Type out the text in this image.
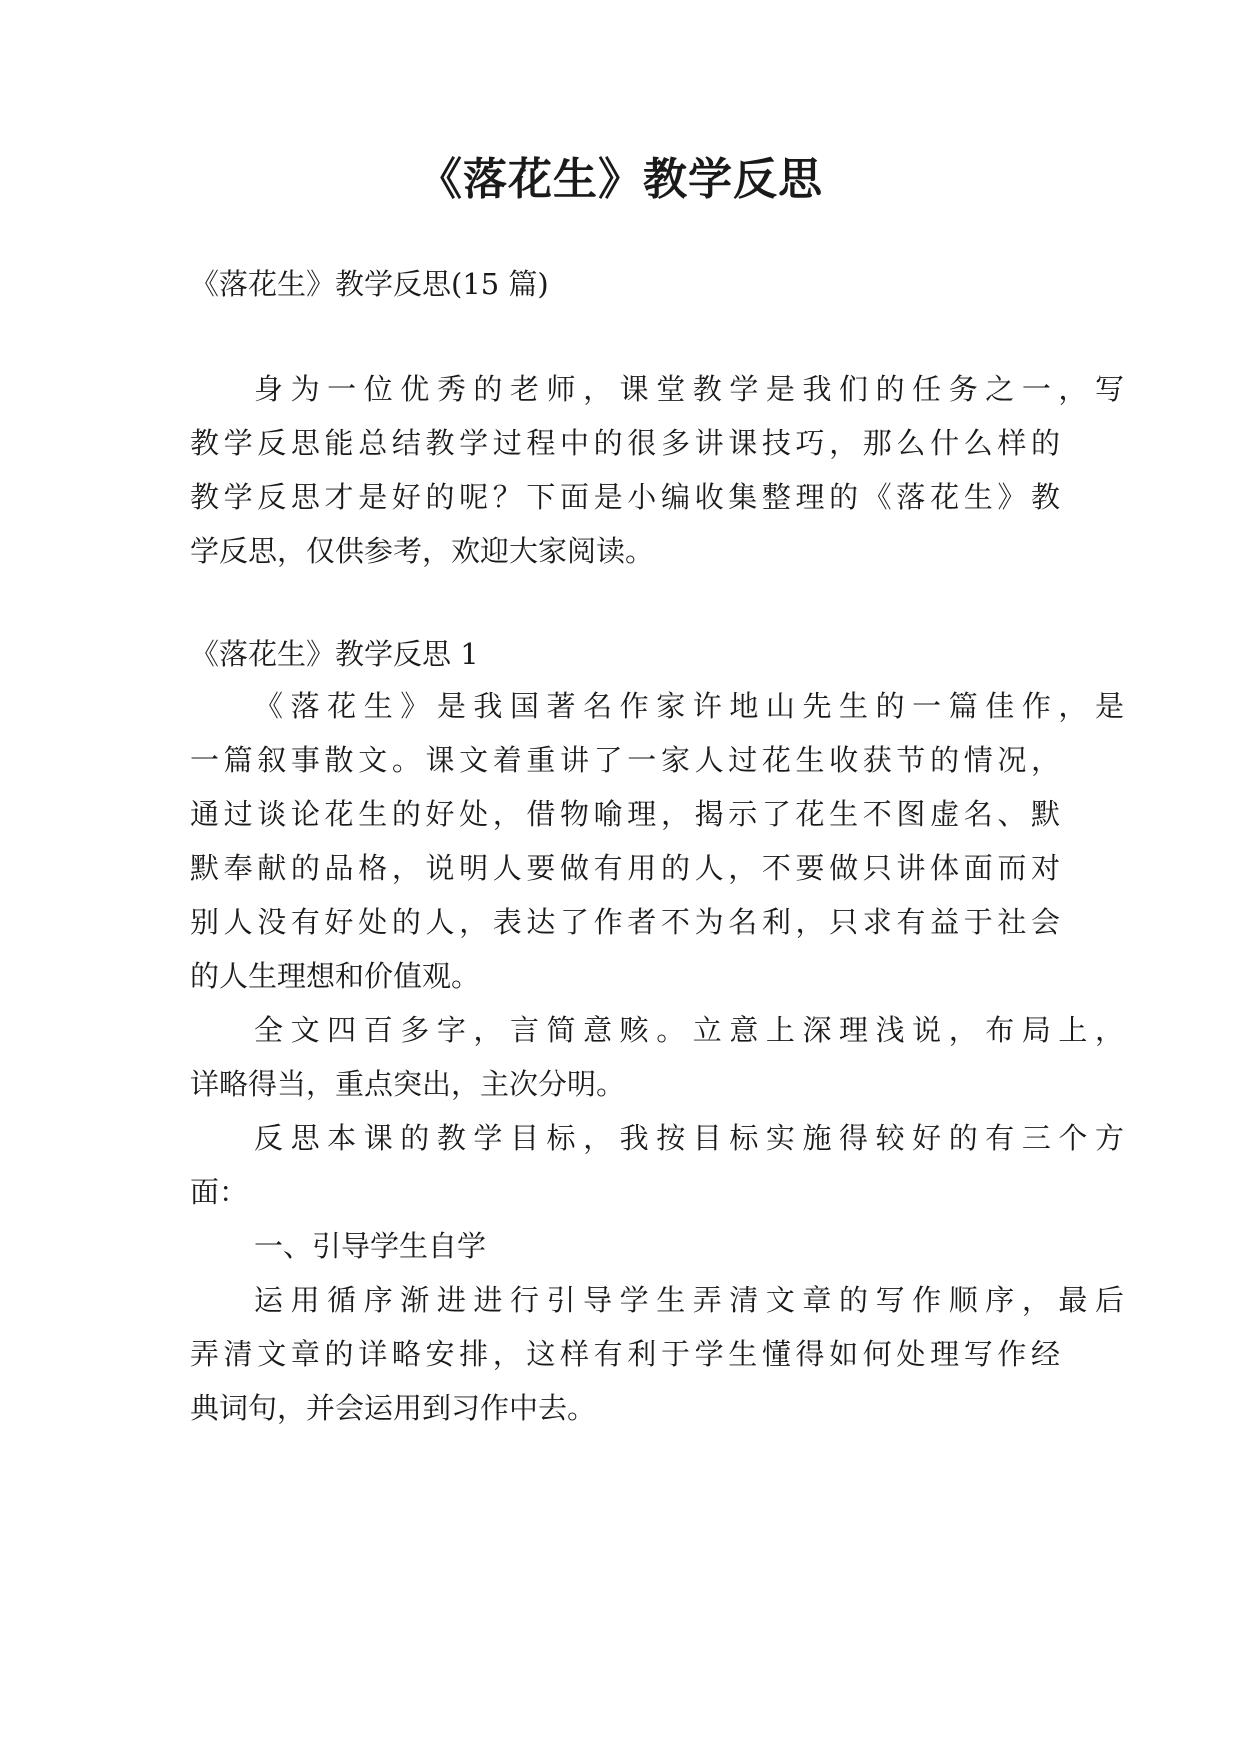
《落花生》教学反思

《落花生》教学反思(15 篇)

身为一位优秀的老师，课堂教学是我们的任务之一，写

教学反思能总结教学过程中的很多讲课技巧，那么什么样的

教学反思才是好的呢？下面是小编收集整理的《落花生》教

学反思，仅供参考，欢迎大家阅读。

《落花生》教学反思 1

《落花生》是我国著名作家许地山先生的一篇佳作，是

一篇叙事散文。课文着重讲了一家人过花生收获节的情况，

通过谈论花生的好处，借物喻理，揭示了花生不图虚名、默

默奉献的品格，说明人要做有用的人，不要做只讲体面而对

别人没有好处的人，表达了作者不为名利，只求有益于社会

的人生理想和价值观。

全文四百多字，言简意赅。立意上深理浅说，布局上，

详略得当，重点突出，主次分明。

反思本课的教学目标，我按目标实施得较好的有三个方

面：

一、引导学生自学

运用循序渐进进行引导学生弄清文章的写作顺序，最后

弄清文章的详略安排，这样有利于学生懂得如何处理写作经

典词句，并会运用到习作中去。
